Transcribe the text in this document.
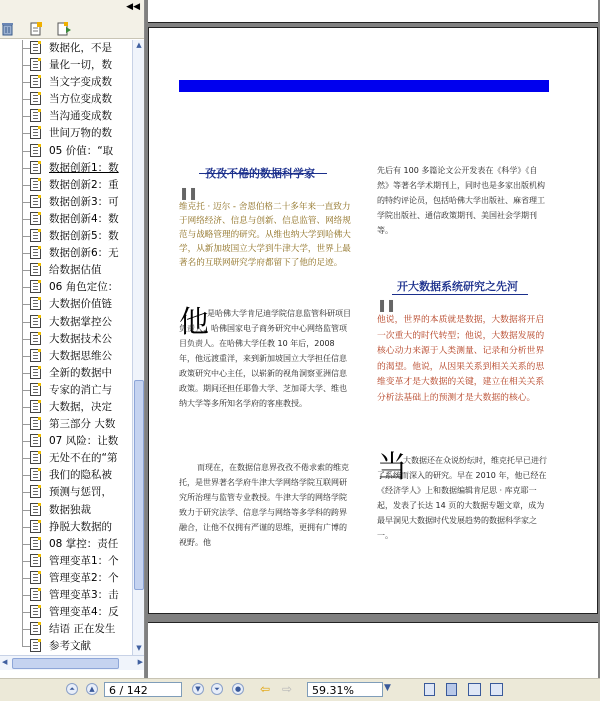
◀◀
数据化，不是
量化一切，数
当文字变成数
当方位变成数
当沟通变成数
世间万物的数
05 价值：“取
数据创新1：数
数据创新2：重
数据创新3：可
数据创新4：数
数据创新5：数
数据创新6：无
给数据估值
06 角色定位：
大数据价值链
大数据掌控公
大数据技术公
大数据思维公
全新的数据中
专家的消亡与
大数据，决定
第三部分 大数
07 风险：让数
无处不在的“第
我们的隐私被
预测与惩罚，
数据独裁
挣脱大数据的
08 掌控：责任
管理变革1：个
管理变革2：个
管理变革3：击
管理变革4：反
结语 正在发生
参考文献
▲
▼
◀	▶
孜孜不倦的数据科学家
❚❚
维克托 · 迈尔 - 舍恩伯格二十多年来一直致力于网络经济、信息与创新、信息监管、网络规范与战略管理的研究。从维也纳大学到哈佛大学，从新加坡国立大学到牛津大学，世界上最著名的互联网研究学府都留下了他的足迹。
他
是哈佛大学肯尼迪学院信息监管科研项目负责人，哈佛国家电子商务研究中心网络监管项目负责人。在哈佛大学任教 10 年后，2008 年，他远渡重洋，来到新加坡国立大学担任信息政策研究中心主任，以崭新的视角洞察亚洲信息政策。期间还担任耶鲁大学、芝加哥大学、维也纳大学等多所知名学府的客座教授。
而现在，在数据信息界孜孜不倦求索的维克托，是世界著名学府牛津大学网络学院互联网研究所治理与监管专业教授。牛津大学的网络学院致力于研究法学、信息学与网络等多学科的跨界融合，让他不仅拥有严谨的思维，更拥有广博的视野。他
先后有 100 多篇论文公开发表在《科学》《自然》等著名学术期刊上，同时也是多家出版机构的特约评论员，包括哈佛大学出版社、麻省理工学院出版社、通信政策期刊、美国社会学期刊等。
开大数据系统研究之先河
❚❚
他说，世界的本质就是数据，大数据将开启一次重大的时代转型；他说，大数据发展的核心动力来源于人类测量、记录和分析世界的渴望。他说，从因果关系到相关关系的思维变革才是大数据的关键，建立在相关关系分析法基础上的预测才是大数据的核心。
当
大数据还在众说纷纭时，维克托早已进行了系统而深入的研究。早在 2010 年，他已经在《经济学人》上和数据编辑肯尼思 · 库克耶一起，发表了长达 14 页的大数据专题文章，成为最早洞见大数据时代发展趋势的数据科学家之一。
⏶	▲	6 / 142	▼	⏷	● ⇦ ⇨	59.31%	▼
